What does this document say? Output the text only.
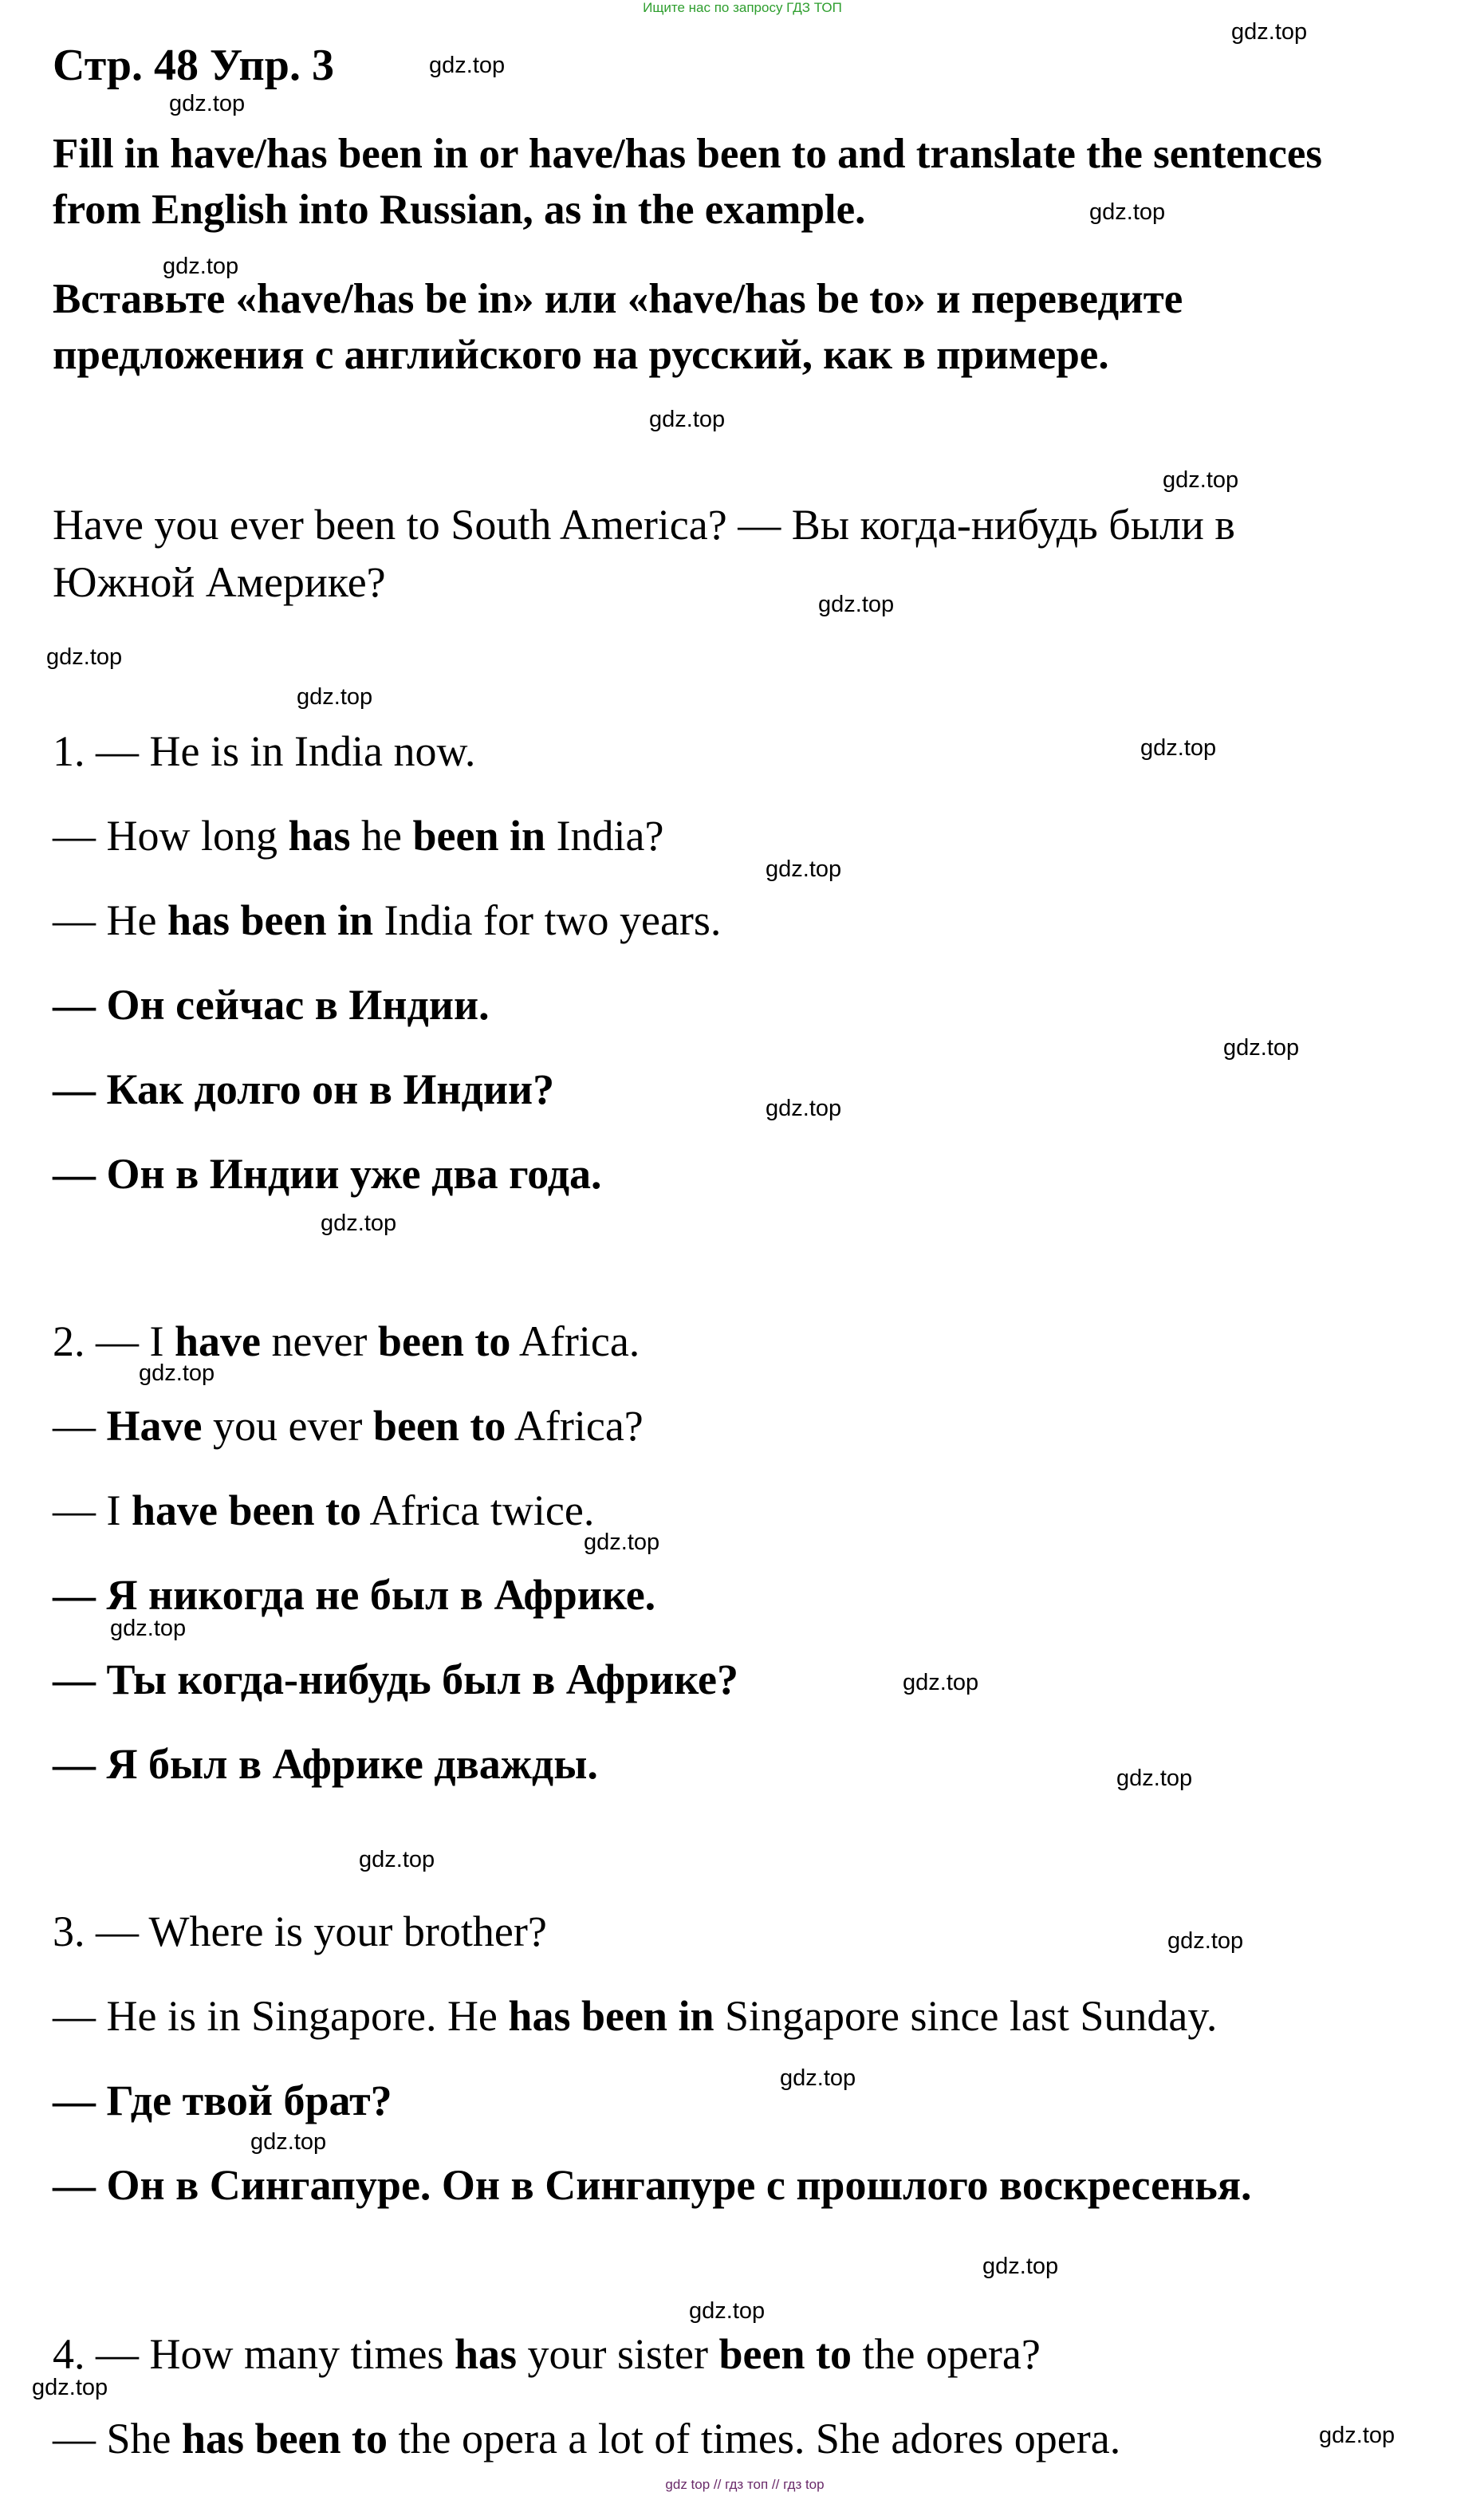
Ищите нас по запросу ГДЗ ТОП
Стр. 48 Упр. 3
Fill in have/has been in or have/has been to and translate the sentences
from English into Russian, as in the example.
Вставьте «have/has be in» или «have/has be to» и переведите
предложения с английского на русский, как в примере.
Have you ever been to South America? — Вы когда-нибудь были в
Южной Америке?
1. — He is in India now.
— How long has he been in India?
— He has been in India for two years.
— Он сейчас в Индии.
— Как долго он в Индии?
— Он в Индии уже два года.
2. — I have never been to Africa.
— Have you ever been to Africa?
— I have been to Africa twice.
— Я никогда не был в Африке.
— Ты когда-нибудь был в Африке?
— Я был в Африке дважды.
3. — Where is your brother?
— He is in Singapore. He has been in Singapore since last Sunday.
— Где твой брат?
— Он в Сингапуре. Он в Сингапуре с прошлого воскресенья.
4. — How many times has your sister been to the opera?
— She has been to the opera a lot of times. She adores opera.
gdz.top
gdz.top
gdz.top
gdz.top
gdz.top
gdz.top
gdz.top
gdz.top
gdz.top
gdz.top
gdz.top
gdz.top
gdz.top
gdz.top
gdz.top
gdz.top
gdz.top
gdz.top
gdz.top
gdz.top
gdz.top
gdz.top
gdz.top
gdz.top
gdz.top
gdz.top
gdz.top
gdz.top
gdz top // гдз топ // гдз top
